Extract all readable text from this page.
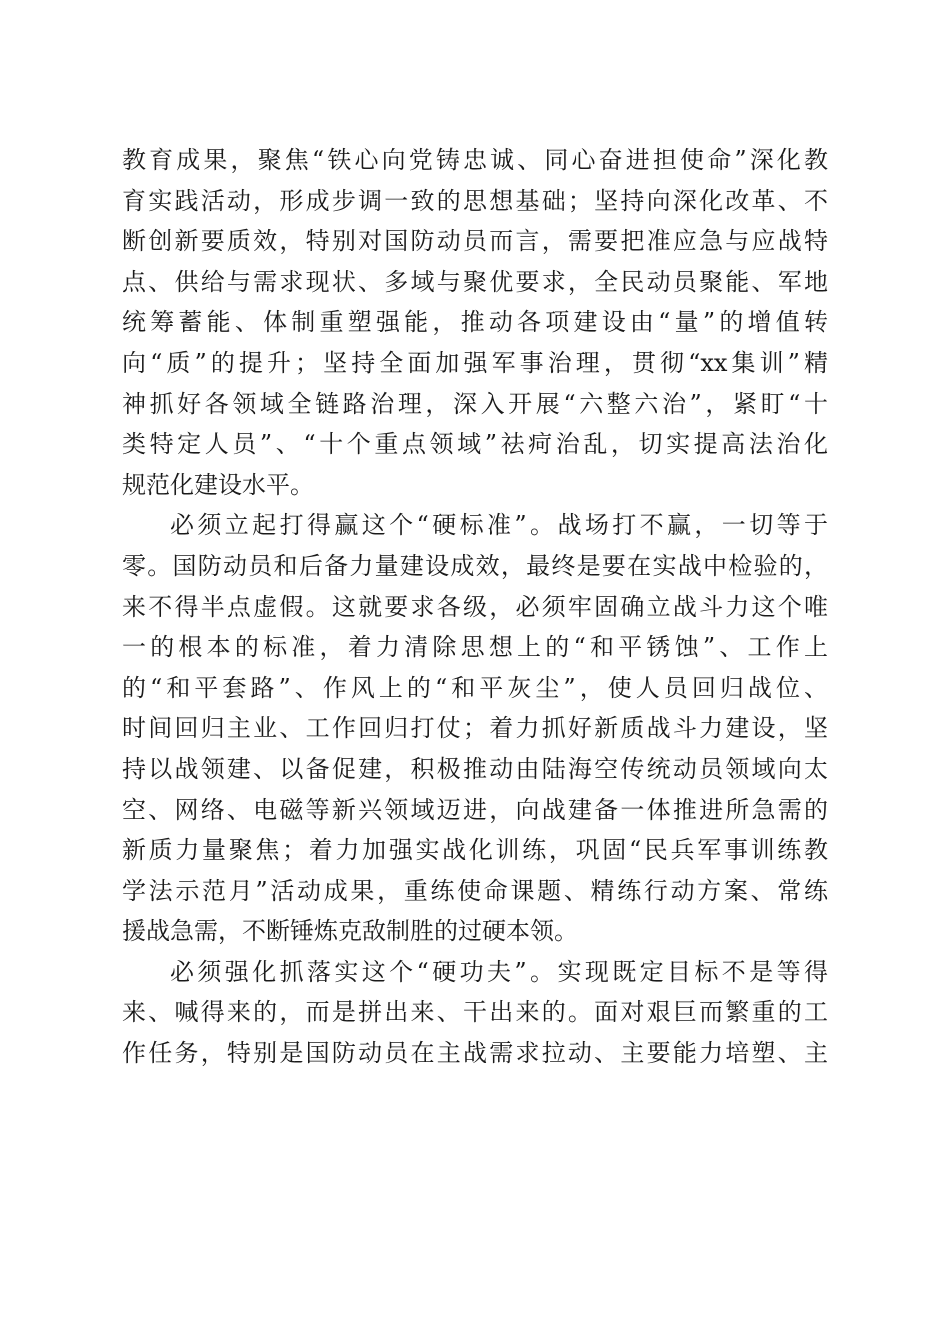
教育成果，聚焦“铁心向党铸忠诚、同心奋进担使命”深化教
育实践活动，形成步调一致的思想基础；坚持向深化改革、不
断创新要质效，特别对国防动员而言，需要把准应急与应战特
点、供给与需求现状、多域与聚优要求，全民动员聚能、军地
统筹蓄能、体制重塑强能，推动各项建设由“量”的增值转
向“质”的提升；坚持全面加强军事治理，贯彻“xx集训”精
神抓好各领域全链路治理，深入开展“六整六治”，紧盯“十
类特定人员”、“十个重点领域”祛疴治乱，切实提高法治化
规范化建设水平。
必须立起打得赢这个“硬标准”。战场打不赢，一切等于
零。国防动员和后备力量建设成效，最终是要在实战中检验的，
来不得半点虚假。这就要求各级，必须牢固确立战斗力这个唯
一的根本的标准，着力清除思想上的“和平锈蚀”、工作上
的“和平套路”、作风上的“和平灰尘”，使人员回归战位、
时间回归主业、工作回归打仗；着力抓好新质战斗力建设，坚
持以战领建、以备促建，积极推动由陆海空传统动员领域向太
空、网络、电磁等新兴领域迈进，向战建备一体推进所急需的
新质力量聚焦；着力加强实战化训练，巩固“民兵军事训练教
学法示范月”活动成果，重练使命课题、精练行动方案、常练
援战急需，不断锤炼克敌制胜的过硬本领。
必须强化抓落实这个“硬功夫”。实现既定目标不是等得
来、喊得来的，而是拼出来、干出来的。面对艰巨而繁重的工
作任务，特别是国防动员在主战需求拉动、主要能力培塑、主
